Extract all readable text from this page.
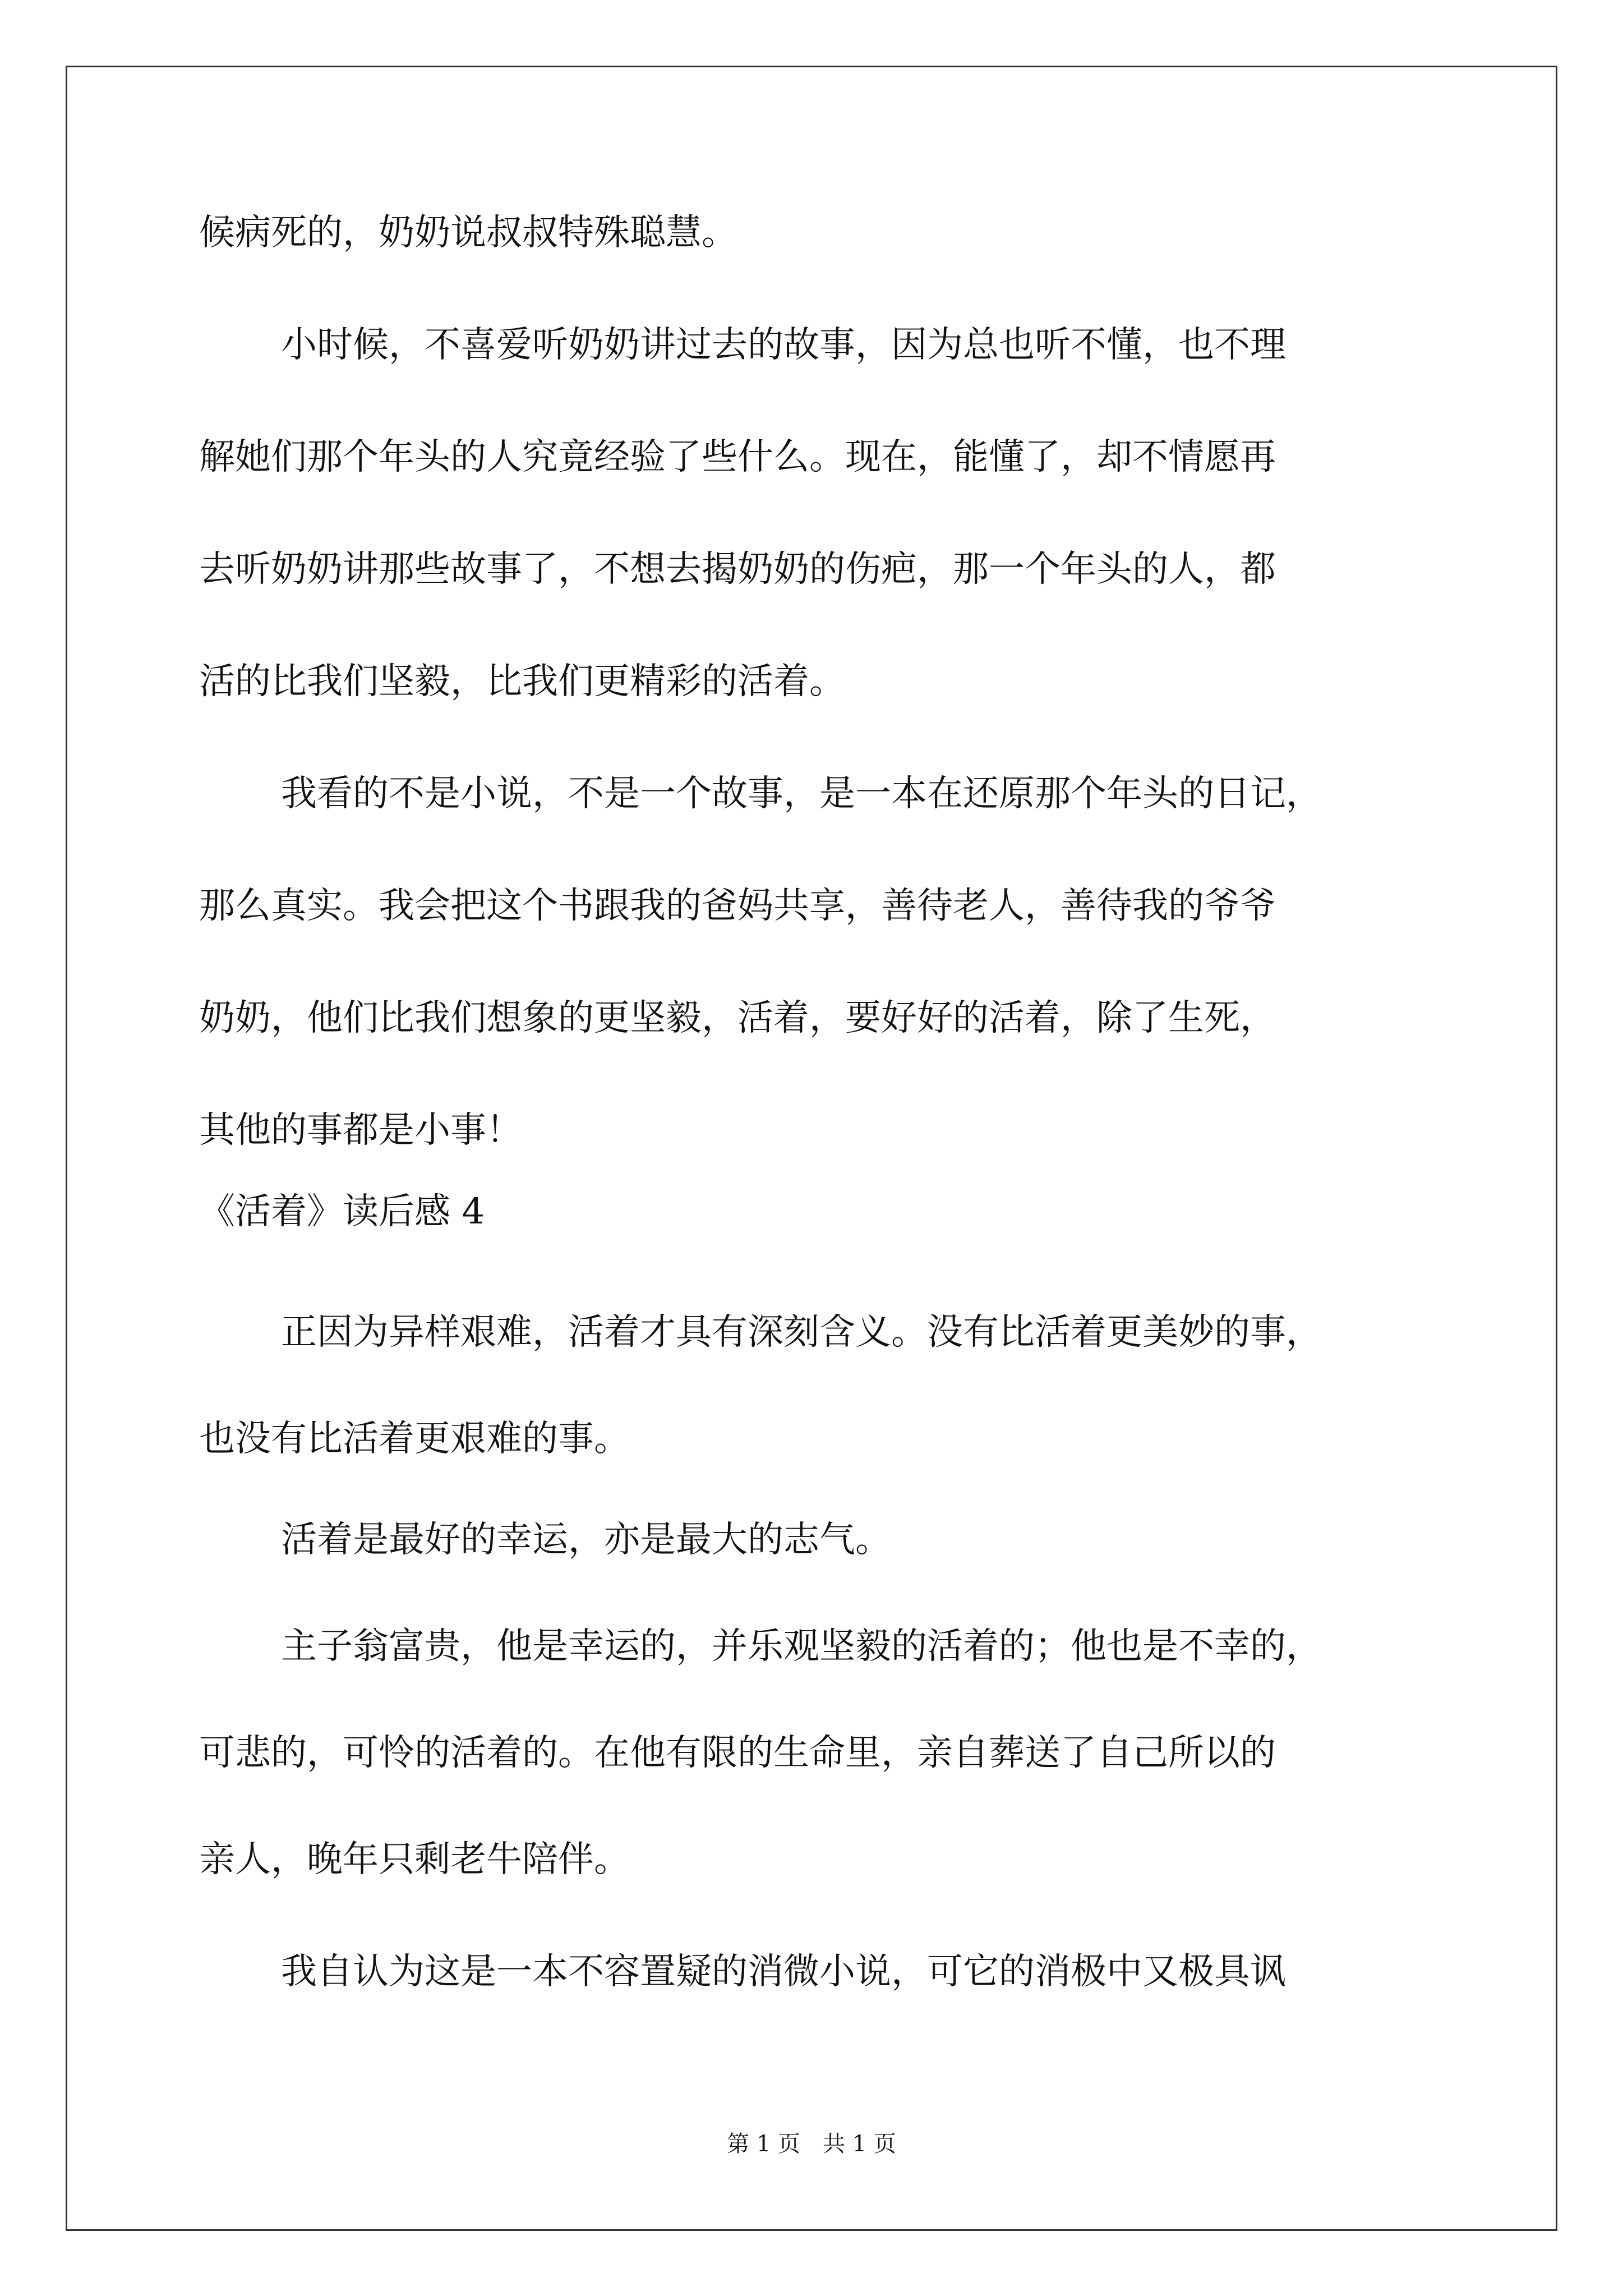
候病死的，奶奶说叔叔特殊聪慧。
小时候，不喜爱听奶奶讲过去的故事，因为总也听不懂，也不理
解她们那个年头的人究竟经验了些什么。现在，能懂了，却不情愿再
去听奶奶讲那些故事了，不想去揭奶奶的伤疤，那一个年头的人，都
活的比我们坚毅，比我们更精彩的活着。
我看的不是小说，不是一个故事，是一本在还原那个年头的日记，
那么真实。我会把这个书跟我的爸妈共享，善待老人，善待我的爷爷
奶奶，他们比我们想象的更坚毅，活着，要好好的活着，除了生死，
其他的事都是小事！
《活着》读后感 4
正因为异样艰难，活着才具有深刻含义。没有比活着更美妙的事，
也没有比活着更艰难的事。
活着是最好的幸运，亦是最大的志气。
主子翁富贵，他是幸运的，并乐观坚毅的活着的；他也是不幸的，
可悲的，可怜的活着的。在他有限的生命里，亲自葬送了自己所以的
亲人，晚年只剩老牛陪伴。
我自认为这是一本不容置疑的消微小说，可它的消极中又极具讽
第 1 页　共 1 页
